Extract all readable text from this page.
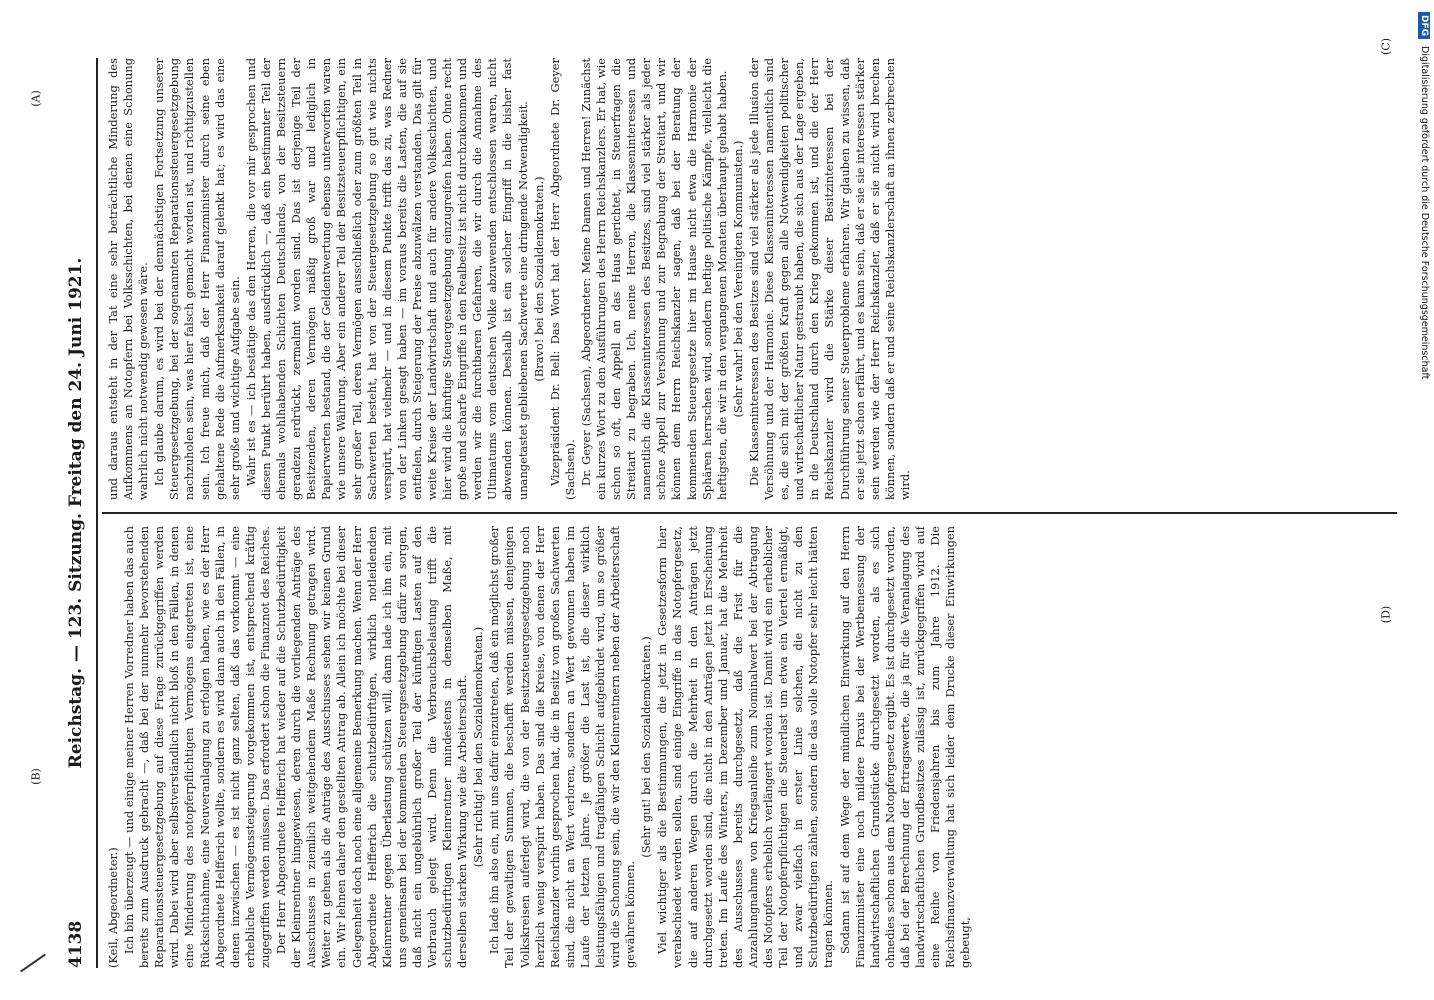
(A)
(B)
(C)
(D)
4138
Reichstag. — 123. Sitzung. Freitag den 24. Juni 1921.

(Keil, Abgeordneter.) Ich bin überzeugt — und einige meiner Herren Vorredner haben das auch bereits zum Ausdruck gebracht —, daß bei der nunmehr bevorstehenden Reparationssteuergesetzgebung auf diese Frage zurückgegriffen werden wird. Dabei wird aber selbstverständlich nicht bloß in den Fällen, in denen eine Minderung des notopferpflichtigen Vermögens eingetreten ist, eine Rücksichtnahme, eine Neuveranlagung zu erfolgen haben, wie es der Herr Abgeordnete Helfferich wollte, sondern es wird dann auch in den Fällen, in denen inzwischen — es ist nicht ganz selten, daß das vorkommt — eine erhebliche Vermögenssteigerung vorgekommen ist, entsprechend kräftig zugegriffen werden müssen. Das erfordert schon die Finanznot des Reiches. Der Herr Abgeordnete Helfferich hat wieder auf die Schutzbedürftigkeit der Kleinrentner hingewiesen, deren durch die vorliegenden Anträge des Ausschusses in ziemlich weitgehendem Maße Rechnung getragen wird. Weiter zu gehen als die Anträge des Ausschusses sehen wir keinen Grund ein. Wir lehnen daher den gestellten Antrag ab. Allein ich möchte bei dieser Gelegenheit doch noch eine allgemeine Bemerkung machen. Wenn der Herr Abgeordnete Helfferich die schutzbedürftigen, wirklich notleidenden Kleinrentner gegen Überlastung schützen will, dann lade ich ihn ein, mit uns gemeinsam bei der kommenden Steuergesetzgebung dafür zu sorgen, daß nicht ein ungebührlich großer Teil der künftigen Lasten auf den Verbrauch gelegt wird. Denn die Verbrauchsbelastung trifft die schutzbedürftigen Kleinrentner mindestens in demselben Maße, mit derselben starken Wirkung wie die Arbeiterschaft. (Sehr richtig! bei den Sozialdemokraten.) Ich lade ihn also ein, mit uns dafür einzutreten, daß ein möglichst großer Teil der gewaltigen Summen, die beschafft werden müssen, denjenigen Volkskreisen auferlegt wird, die von der Besitzsteuergesetzgebung noch herzlich wenig verspürt haben. Das sind die Kreise, von denen der Herr Reichskanzler vorhin gesprochen hat, die in Besitz von großen Sachwerten sind, die nicht an Wert verloren, sondern an Wert gewonnen haben im Laufe der letzten Jahre. Je größer die Last ist, die dieser wirklich leistungsfähigen und tragfähigen Schicht aufgebürdet wird, um so größer wird die Schonung sein, die wir den Kleinrentnern neben der Arbeiterschaft gewähren können.

(Sehr gut! bei den Sozialdemokraten.) Viel wichtiger als die Bestimmungen, die jetzt in Gesetzesform hier verabschiedet werden sollen, sind einige Eingriffe in das Notopfergesetz, die auf anderen Wegen durch die Mehrheit in den Anträgen jetzt durchgesetzt worden sind, die nicht in den Anträgen jetzt in Erscheinung treten. Im Laufe des Winters, im Dezember und Januar, hat die Mehrheit des Ausschusses bereits durchgesetzt, daß die Frist für die Anzahlungnahme von Kriegsanleihe zum Nominalwert bei der Abtragung des Notopfers erheblich verlängert worden ist. Damit wird ein erheblicher Teil der Notopferpflichtigen die Steuerlast um etwa ein Viertel ermäßigt, und zwar vielfach in erster Linie solchen, die nicht zu den Schutzbedürftigen zählen, sondern die das volle Notopfer sehr leicht hätten tragen können. Sodann ist auf dem Wege der mündlichen Einwirkung auf den Herrn Finanzminister eine noch mildere Praxis bei der Wertbemessung der landwirtschaftlichen Grundstücke durchgesetzt worden, als es sich ohnedies schon aus dem Notopfergesetz ergibt. Es ist durchgesetzt worden, daß bei der Berechnung der Ertragswerte, die ja für die Veranlagung des landwirtschaftlichen Grundbesitzes zulässig ist, zurückgegriffen wird auf eine Reihe von Friedensjahren bis zum Jahre 1912. Die Reichsfinanzverwaltung hat sich leider dem Drucke dieser Einwirkungen gebeugt,

und daraus entsteht in der Tat eine sehr beträchtliche Minderung des Aufkommens an Notopfern bei Volksschichten, bei denen eine Schonung wahrlich nicht notwendig gewesen wäre. Ich glaube darum, es wird bei der demnächstigen Fortsetzung unserer Steuergesetzgebung, bei der sogenannten Reparationssteuergesetzgebung nachzuholen sein, was hier falsch gemacht worden ist, und richtigzustellen sein. Ich freue mich, daß der Herr Finanzminister durch seine eben gehaltene Rede die Aufmerksamkeit darauf gelenkt hat; es wird das eine sehr große und wichtige Aufgabe sein. Wahr ist es — ich bestätige das den Herren, die vor mir gesprochen und diesen Punkt berührt haben, ausdrücklich —, daß ein bestimmter Teil der ehemals wohlhabenden Schichten Deutschlands, von der Besitzsteuern geradezu erdrückt, zermalmt worden sind. Das ist derjenige Teil der Besitzenden, deren Vermögen mäßig groß war und lediglich in Papierwerten bestand, die der Geldentwertung ebenso unterworfen waren wie unsere Währung. Aber ein anderer Teil der Besitzsteuerpflichtigen, ein sehr großer Teil, deren Vermögen ausschließlich oder zum größten Teil in Sachwerten besteht, hat von der Steuergesetzgebung so gut wie nichts verspürt, hat vielmehr — und in diesem Punkte trifft das zu, was Redner von der Linken gesagt haben — im voraus bereits die Lasten, die auf sie entfielen, durch Steigerung der Preise abzuwälzen verstanden. Das gilt für weite Kreise der Landwirtschaft und auch für andere Volksschichten, und hier wird die künftige Steuergesetzgebung einzugreifen haben. Ohne recht große und scharfe Eingriffe in den Realbesitz ist nicht durchzukommen und werden wir die furchtbaren Gefahren, die wir durch die Annahme des Ultimatums vom deutschen Volke abzuwenden entschlossen waren, nicht abwenden können. Deshalb ist ein solcher Eingriff in die bisher fast unangetastet gebliebenen Sachwerte eine dringende Notwendigkeit. (Bravo! bei den Sozialdemokraten.) Vizepräsident Dr. Bell: Das Wort hat der Herr Abgeordnete Dr. Geyer (Sachsen). Dr. Geyer (Sachsen), Abgeordneter: Meine Damen und Herren! Zunächst ein kurzes Wort zu den Ausführungen des Herrn Reichskanzlers. Er hat, wie schon so oft, den Appell an das Haus gerichtet, in Steuerfragen die Streitart zu begraben. Ich, meine Herren, die Klasseninteressen und namentlich die Klasseninteressen des Besitzes, sind viel stärker als jeder schöne Appell zur Versöhnung und zur Begrabung der Streitart, und wir können dem Herrn Reichskanzler sagen, daß bei der Beratung der kommenden Steuergesetze hier im Hause nicht etwa die Harmonie der Sphären herrschen wird, sondern heftige politische Kämpfe, vielleicht die heftigsten, die wir in den vergangenen Monaten überhaupt gehabt haben. (Sehr wahr! bei den Vereinigten Kommunisten.) Die Klasseninteressen des Besitzes sind viel stärker als jede Illusion der Versöhnung und der Harmonie. Diese Klasseninteressen namentlich sind es, die sich mit der größten Kraft gegen alle Notwendigkeiten politischer und wirtschaftlicher Natur gestraubt haben, die sich aus der Lage ergeben, in die Deutschland durch den Krieg gekommen ist, und die der Herr Reichskanzler wird die Stärke dieser Besitzinteressen bei der Durchführung seiner Steuerprobleme erfahren. Wir glauben zu wissen, daß er sie jetzt schon erfährt, und es kann sein, daß er sie sie interessen stärker sein werden wie der Herr Reichskanzler, daß er sie nicht wird brechen können, sondern daß er und seine Reichskanzlerschaft an ihnen zerbrechen wird.

DFG Digitalisierung gefördert durch die Deutsche Forschungsgemeinschaft
